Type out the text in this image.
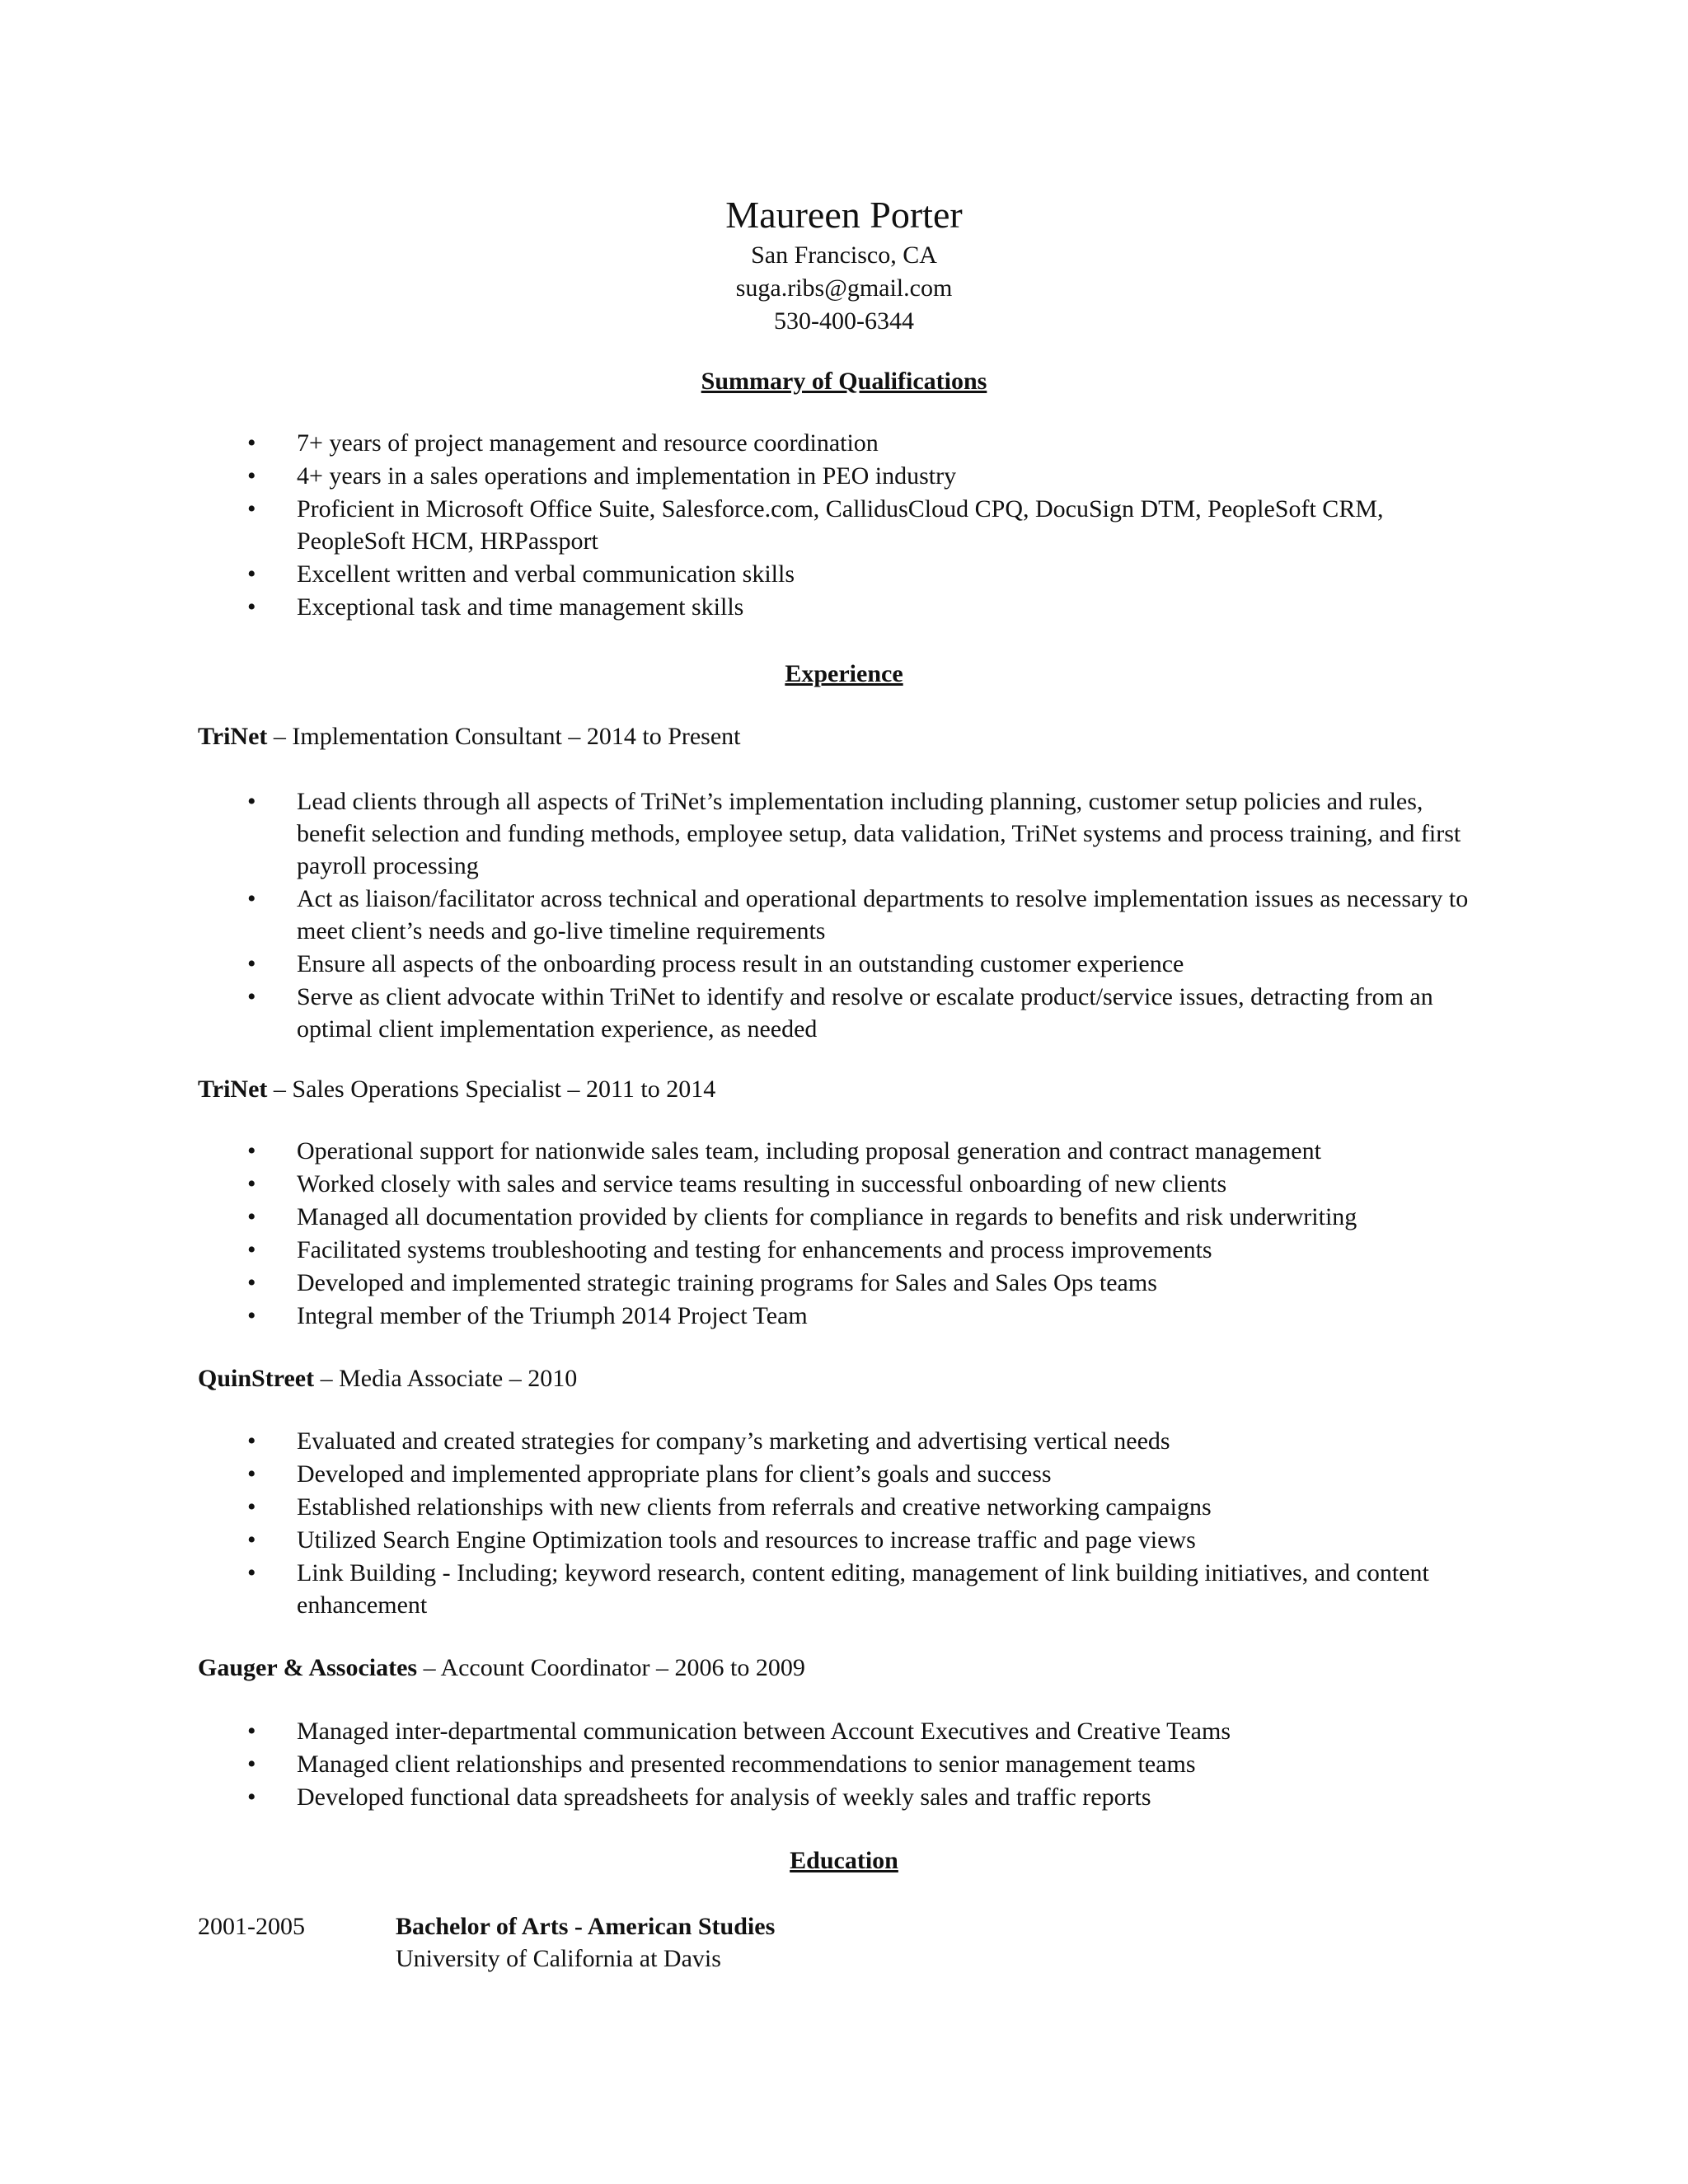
Maureen Porter

San Francisco, CA

suga.ribs@gmail.com

530-400-6344

Summary of Qualifications

• 7+ years of project management and resource coordination
• 4+ years in a sales operations and implementation in PEO industry
• Proficient in Microsoft Office Suite, Salesforce.com, CallidusCloud CPQ, DocuSign DTM, PeopleSoft CRM, PeopleSoft HCM, HRPassport
• Excellent written and verbal communication skills
• Exceptional task and time management skills

Experience

TriNet – Implementation Consultant – 2014 to Present

• Lead clients through all aspects of TriNet’s implementation including planning, customer setup policies and rules, benefit selection and funding methods, employee setup, data validation, TriNet systems and process training, and first payroll processing
• Act as liaison/facilitator across technical and operational departments to resolve implementation issues as necessary to meet client’s needs and go-live timeline requirements
• Ensure all aspects of the onboarding process result in an outstanding customer experience
• Serve as client advocate within TriNet to identify and resolve or escalate product/service issues, detracting from an optimal client implementation experience, as needed

TriNet – Sales Operations Specialist – 2011 to 2014

• Operational support for nationwide sales team, including proposal generation and contract management
• Worked closely with sales and service teams resulting in successful onboarding of new clients
• Managed all documentation provided by clients for compliance in regards to benefits and risk underwriting
• Facilitated systems troubleshooting and testing for enhancements and process improvements
• Developed and implemented strategic training programs for Sales and Sales Ops teams
• Integral member of the Triumph 2014 Project Team

QuinStreet – Media Associate – 2010

• Evaluated and created strategies for company’s marketing and advertising vertical needs
• Developed and implemented appropriate plans for client’s goals and success
• Established relationships with new clients from referrals and creative networking campaigns
• Utilized Search Engine Optimization tools and resources to increase traffic and page views
• Link Building - Including; keyword research, content editing, management of link building initiatives, and content enhancement

Gauger & Associates – Account Coordinator – 2006 to 2009

• Managed inter-departmental communication between Account Executives and Creative Teams
• Managed client relationships and presented recommendations to senior management teams
• Developed functional data spreadsheets for analysis of weekly sales and traffic reports

Education

2001-2005	Bachelor of Arts - American Studies
University of California at Davis
